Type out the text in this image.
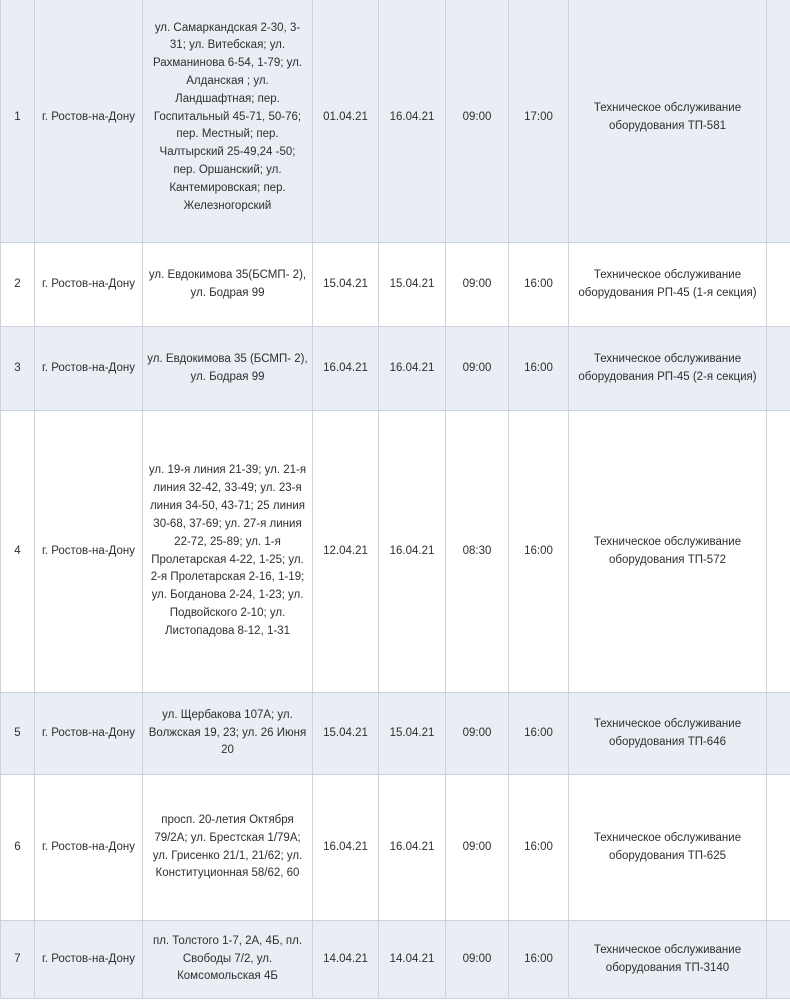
1	г. Ростов-на-Дону	ул. Самаркандская 2-30, 3-31; ул. Витебская; ул. Рахманинова 6-54, 1-79; ул. Алданская ; ул. Ландшафтная; пер. Госпитальный 45-71, 50-76; пер. Местный; пер. Чалтырский 25-49,24 -50; пер. Оршанский; ул. Кантемировская; пер. Железногорский	01.04.21	16.04.21	09:00	17:00	Техническое обслуживание оборудования ТП-581	
2	г. Ростов-на-Дону	ул. Евдокимова 35(БСМП- 2), ул. Бодрая 99	15.04.21	15.04.21	09:00	16:00	Техническое обслуживание оборудования РП-45 (1-я секция)	
3	г. Ростов-на-Дону	ул. Евдокимова 35 (БСМП- 2), ул. Бодрая 99	16.04.21	16.04.21	09:00	16:00	Техническое обслуживание оборудования РП-45 (2-я секция)	
4	г. Ростов-на-Дону	ул. 19-я линия 21-39; ул. 21-я линия 32-42, 33-49; ул. 23-я линия 34-50, 43-71; 25 линия 30-68, 37-69; ул. 27-я линия 22-72, 25-89; ул. 1-я Пролетарская 4-22, 1-25; ул. 2-я Пролетарская 2-16, 1-19; ул. Богданова 2-24, 1-23; ул. Подвойского 2-10; ул. Листопадова 8-12, 1-31	12.04.21	16.04.21	08:30	16:00	Техническое обслуживание оборудования ТП-572	
5	г. Ростов-на-Дону	ул. Щербакова 107А; ул. Волжская 19, 23; ул. 26 Июня 20	15.04.21	15.04.21	09:00	16:00	Техническое обслуживание оборудования ТП-646	
6	г. Ростов-на-Дону	просп. 20-летия Октября 79/2А; ул. Брестская 1/79А; ул. Грисенко 21/1, 21/62; ул. Конституционная 58/62, 60	16.04.21	16.04.21	09:00	16:00	Техническое обслуживание оборудования ТП-625	
7	г. Ростов-на-Дону	пл. Толстого 1-7, 2А, 4Б, пл. Свободы 7/2, ул. Комсомольская 4Б	14.04.21	14.04.21	09:00	16:00	Техническое обслуживание оборудования ТП-3140	
